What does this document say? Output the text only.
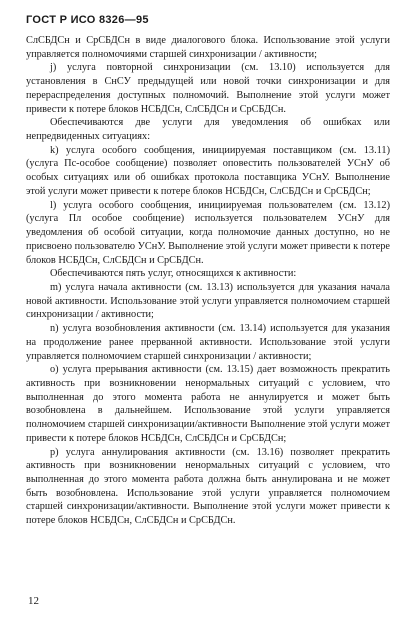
ГОСТ Р ИСО 8326—95

СлСБДСн и СрСБДСн в виде диалогового блока. Использование этой услуги управляется полномочиями старшей синхронизации / активности;

j) услуга повторной синхронизации (см. 13.10) используется для установления в СнСУ предыдущей или новой точки синхронизации и для перераспределения доступных полномочий. Выполнение этой услуги может привести к потере блоков НСБДСн, СлСБДСн и СрСБДСн.

Обеспечиваются две услуги для уведомления об ошибках или непредвиденных ситуациях:

k) услуга особого сообщения, инициируемая поставщиком (см. 13.11) (услуга Пс-особое сообщение) позволяет оповестить пользователей УСнУ об особых ситуациях или об ошибках протокола поставщика УСнУ. Выполнение этой услуги может привести к потере блоков НСБДСн, СлСБДСн и СрСБДСн;

l) услуга особого сообщения, инициируемая пользователем (см. 13.12) (услуга Пл особое сообщение) используется пользователем УСнУ для уведомления об особой ситуации, когда полномочие данных доступно, но не присвоено пользователю УСнУ. Выполнение этой услуги может привести к потере блоков НСБДСн, СлСБДСн и СрСБДСн.

Обеспечиваются пять услуг, относящихся к активности:

m) услуга начала активности (см. 13.13) используется для указания начала новой активности. Использование этой услуги управляется полномочием старшей синхронизации / активности;

n) услуга возобновления активности (см. 13.14) используется для указания на продолжение ранее прерванной активности. Использование этой услуги управляется полномочием старшей синхронизации / активности;

o) услуга прерывания активности (см. 13.15) дает возможность прекратить активность при возникновении ненормальных ситуаций с условием, что выполненная до этого момента работа не аннулируется и может быть возобновлена в дальнейшем. Использование этой услуги управляется полномочием старшей синхронизации/активности Выполнение этой услуги может привести к потере блоков НСБДСн, СлСБДСн и СрСБДСн;

р) услуга аннулирования активности (см. 13.16) позволяет прекратить активность при возникновении ненормальных ситуаций с условием, что выполненная до этого момента работа должна быть аннулирована и не может быть возобновлена. Использование этой услуги управляется полномочием старшей синхронизации/активности. Выполнение этой услуги может привести к потере блоков НСБДСн, СлСБДСн и СрСБДСн.

12
